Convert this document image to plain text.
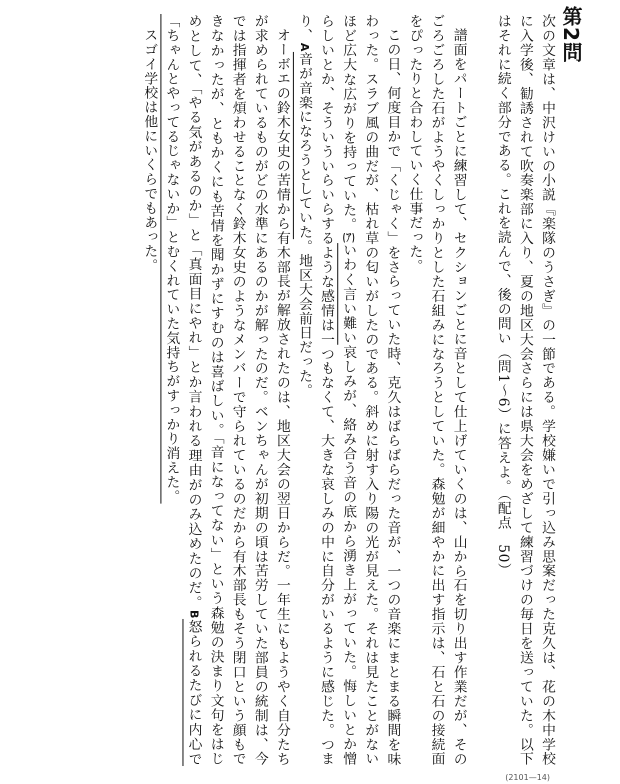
第2問

次の文章は、中沢けいの小説『楽隊のうさぎ』の一節である。学校嫌いで引っ込み思案だった克久は、花の木中学校に入学後、勧誘されて吹奏楽部に入り、夏の地区大会さらには県大会をめざして練習づけの毎日を送っていた。以下はそれに続く部分である。これを読んで、後の問い（問1〜6）に答えよ。（配点　50）

譜面をパートごとに練習して、セクションごとに音として仕上げていくのは、山から石を切り出す作業だが、そのごろごろした石がようやくしっかりとした石組みになろうとしていた。森勉が細やかに出す指示は、石と石の接続面をぴったりと合わしていく仕事だった。

この日、何度目かで「くじゃく」をさらっていた時、克久はばらばらだった音が、一つの音楽にまとまる瞬間を味わった。スラブ風の曲だが、枯れ草の匂いがしたのである。斜めに射す入り陽の光が見えた。それは見たことがないほど広大な広がりを持っていた。(ア)いわく言い難い哀しみが、絡み合う音の底から湧き上がっていた。悔しいとか憎らしいとか、そういういらいらするような感情は一つもなくて、大きな哀しみの中に自分がいるように感じた。つまり、A音が音楽になろうとしていた。地区大会前日だった。

オーボエの鈴木女史の苦情から有木部長が解放されたのは、地区大会の翌日からだ。一年生にもようやく自分たちが求められているものがどの水準にあるのかが解ったのだ。ベンちゃんが初期の頃は苦労していた部員の統制は、今では指揮者を煩わせることなく鈴木女史のようなメンバーで守られているのだから有木部長もそう閉口という顔もできなかったが、ともかくにも苦情を聞かずにすむのは喜ばしい。「音になってない」という森勉の決まり文句をはじめとして、「やる気があるのか」と「真面目にやれ」とか言われる理由がのみ込めたのだ。B怒られるたびに内心で「ちゃんとやってるじゃないか」とむくれていた気持ちがすっかり消えた。

スゴイ学校は他にいくらでもあった。

(2101—14)
